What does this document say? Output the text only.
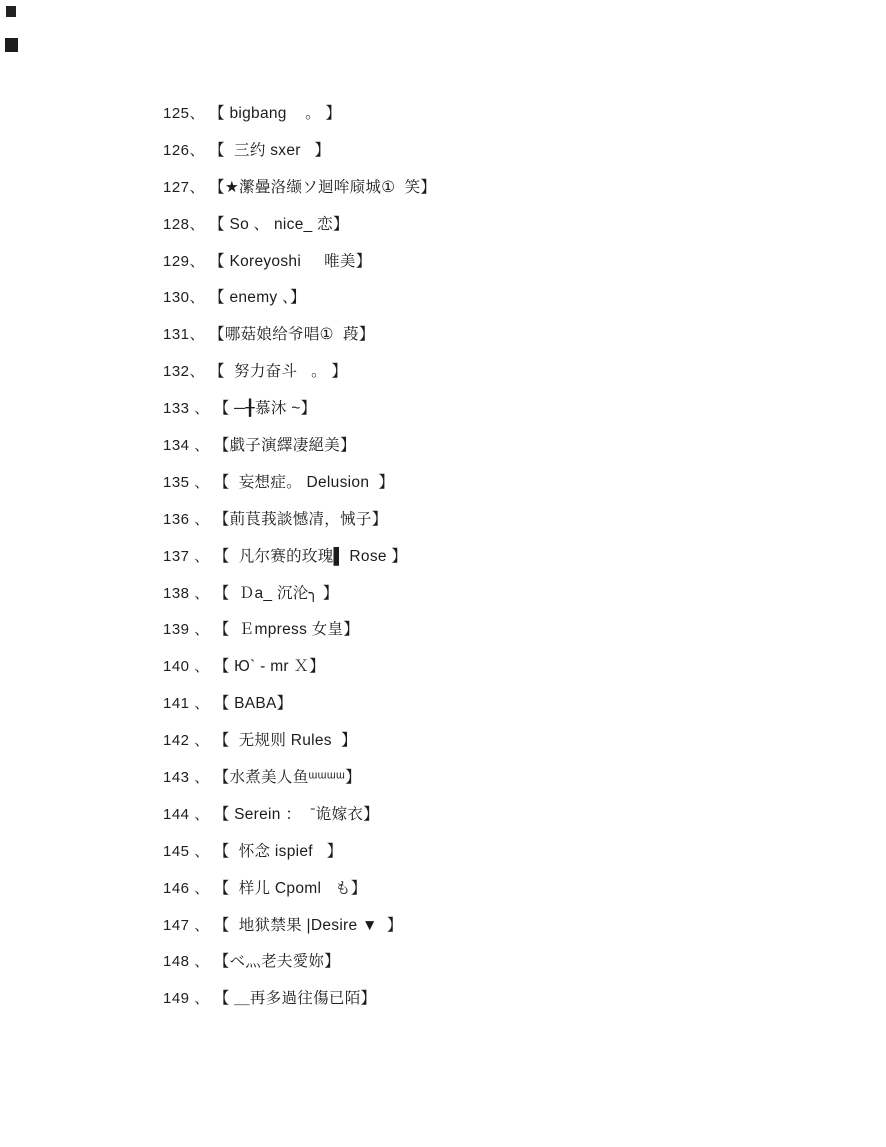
125、 【 bigbang    。 】
126、 【  三约 sxer   】
127、 【★瀿曡洛缬ソ迴哞庼城①  笑】
128、 【 So 、 nice_ 恋】
129、 【 Koreyoshi     唯美】
130、 【 enemy 、】
131、 【哪菇娘给爷唱①  葮】
132、 【  努力奋斗   。 】
133 、 【 ─╂慕沐 ~】
134 、 【戱子演繹凄絕美】
135 、 【  妄想症。 Delusion  】
136 、 【萴茛莪談憾凊，悈子】
137 、 【  凡尔赛的玫瑰▌ Rose 】
138 、 【  Ｄa_ 沉沦╮ 】
139 、 【  Ｅmpress 女皇】
140 、 【 Ю` - mr Ｘ】
141 、 【 BABA】
142 、 【  无规则 Rules  】
143 、 【水煮美人鱼ᵚᵚᵚᵚ】
144 、 【 Serein ：  ˉ诡嫁衣】
145 、 【  怀念 ispief   】
146 、 【  样儿 Cpoml   も】
147 、 【  地狱禁果 |Desire ▼  】
148 、 【ベ灬老夫愛妳】
149 、 【 ＿再多過往傷已陌】
